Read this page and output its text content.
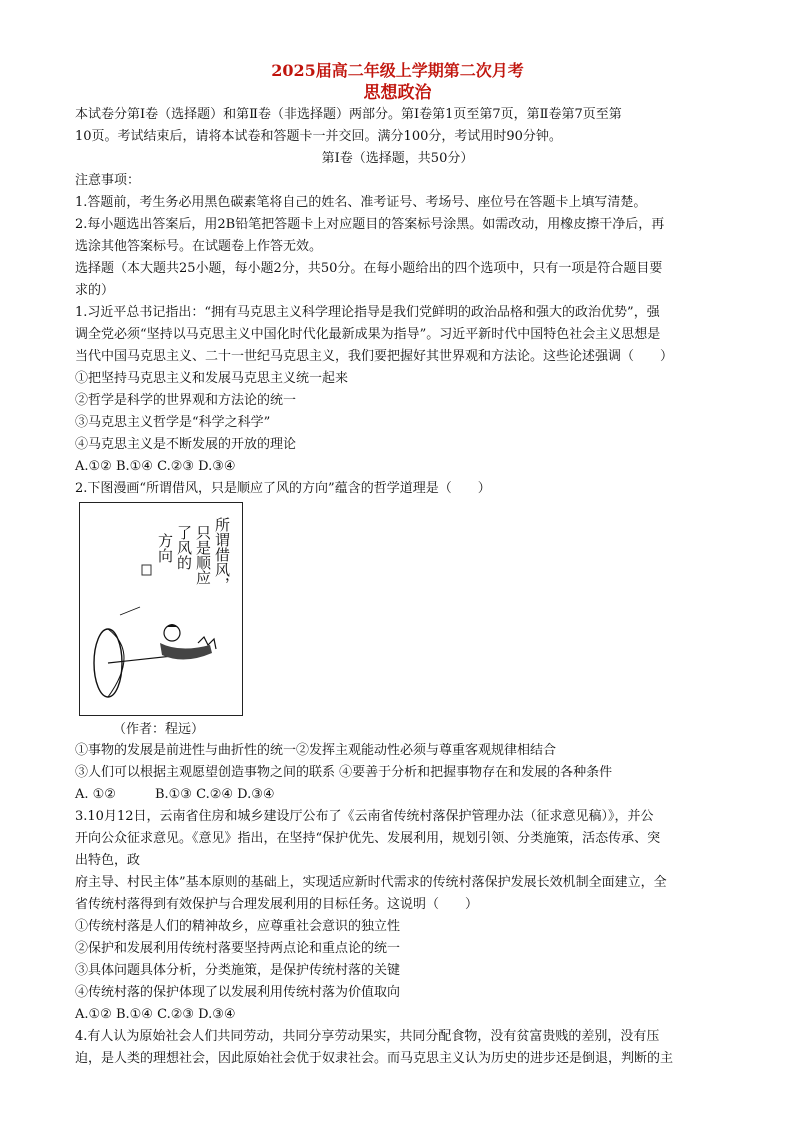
2025届高二年级上学期第二次月考
思想政治

本试卷分第Ⅰ卷（选择题）和第Ⅱ卷（非选择题）两部分。第Ⅰ卷第1页至第7页，第Ⅱ卷第7页至第

10页。考试结束后，请将本试卷和答题卡一并交回。满分100分，考试用时90分钟。

第Ⅰ卷（选择题，共50分）

注意事项：

1.答题前，考生务必用黑色碳素笔将自己的姓名、准考证号、考场号、座位号在答题卡上填写清楚。

2.每小题选出答案后，用2B铅笔把答题卡上对应题目的答案标号涂黑。如需改动，用橡皮擦干净后，再

选涂其他答案标号。在试题卷上作答无效。

选择题（本大题共25小题，每小题2分，共50分。在每小题给出的四个选项中，只有一项是符合题目要

求的）

1.习近平总书记指出：“拥有马克思主义科学理论指导是我们党鲜明的政治品格和强大的政治优势”，强

调全党必须“坚持以马克思主义中国化时代化最新成果为指导”。习近平新时代中国特色社会主义思想是

当代中国马克思主义、二十一世纪马克思主义，我们要把握好其世界观和方法论。这些论述强调（　　）

①把坚持马克思主义和发展马克思主义统一起来

②哲学是科学的世界观和方法论的统一

③马克思主义哲学是“科学之科学”

④马克思主义是不断发展的开放的理论

A.①② B.①④ C.②③ D.③④

2.下图漫画“所谓借风，只是顺应了风的方向”蕴含的哲学道理是（　　）

所谓借风，
只是顺应
了风的
方向
（作者：程远）

①事物的发展是前进性与曲折性的统一②发挥主观能动性必须与尊重客观规律相结合

③人们可以根据主观愿望创造事物之间的联系 ④要善于分析和把握事物存在和发展的各种条件

A. ①②　　　B.①③ C.②④ D.③④

3.10月12日，云南省住房和城乡建设厅公布了《云南省传统村落保护管理办法（征求意见稿）》，并公

开向公众征求意见。《意见》指出，在坚持“保护优先、发展利用，规划引领、分类施策，活态传承、突

出特色，政

府主导、村民主体”基本原则的基础上，实现适应新时代需求的传统村落保护发展长效机制全面建立，全

省传统村落得到有效保护与合理发展利用的目标任务。这说明（　　）

①传统村落是人们的精神故乡，应尊重社会意识的独立性

②保护和发展利用传统村落要坚持两点论和重点论的统一

③具体问题具体分析，分类施策，是保护传统村落的关键

④传统村落的保护体现了以发展利用传统村落为价值取向

A.①② B.①④ C.②③ D.③④

4.有人认为原始社会人们共同劳动，共同分享劳动果实，共同分配食物，没有贫富贵贱的差别，没有压

迫，是人类的理想社会，因此原始社会优于奴隶社会。而马克思主义认为历史的进步还是倒退，判断的主
